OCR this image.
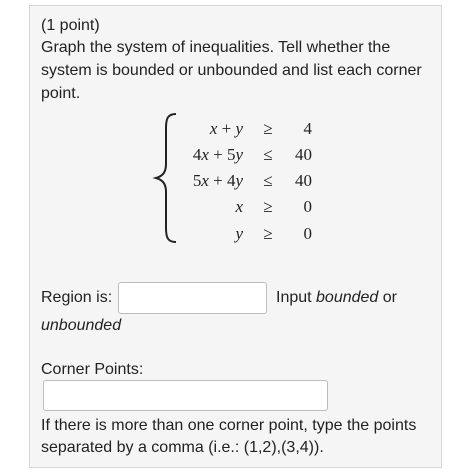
(1 point)
Graph the system of inequalities. Tell whether the
system is bounded or unbounded and list each corner
point.
x + y	≥	4
4x + 5y	≤	40
5x + 4y	≤	40
x	≥	0
y	≥	0
Region is:	Input bounded or
unbounded
Corner Points:
If there is more than one corner point, type the points
separated by a comma (i.e.: (1,2),(3,4)).
